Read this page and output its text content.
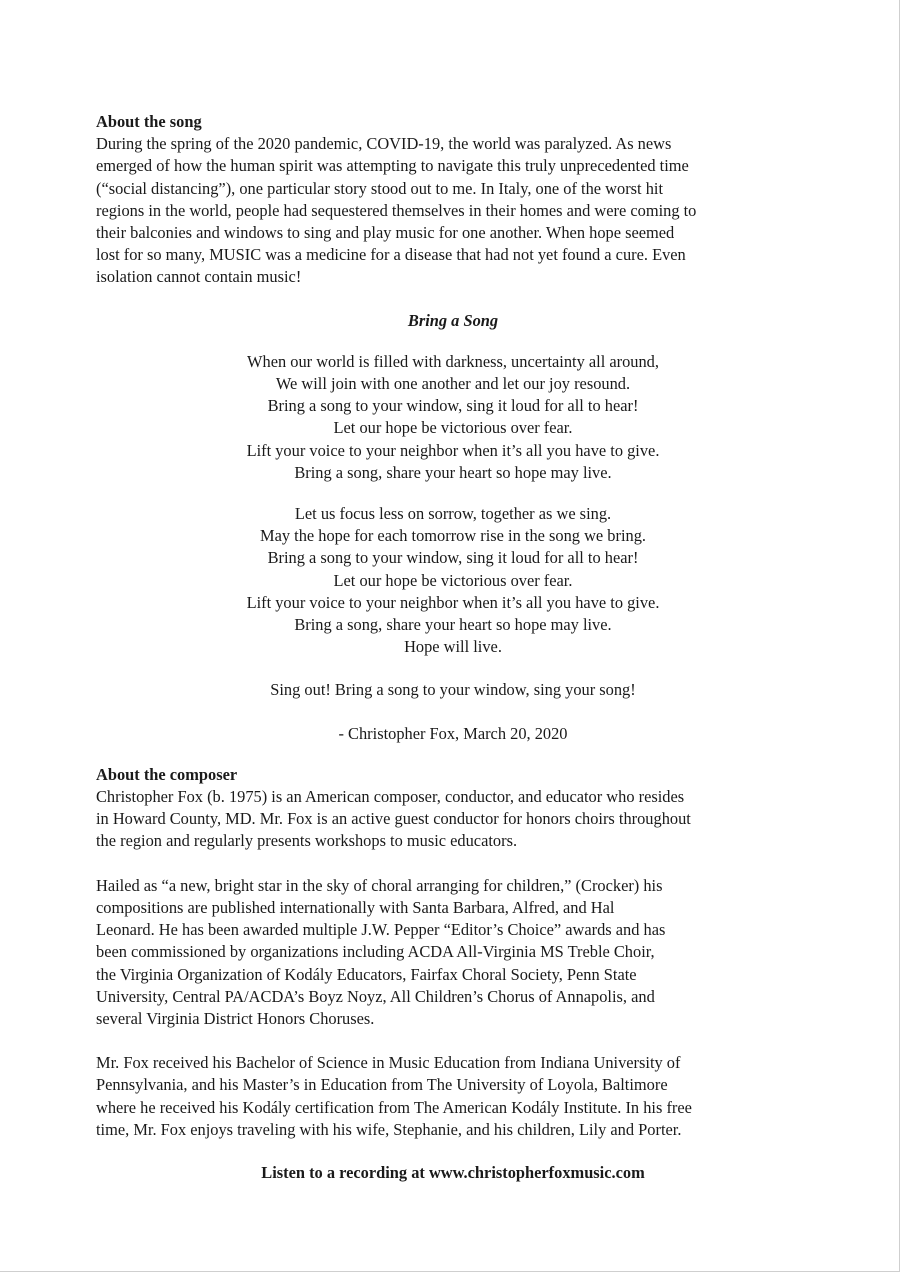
About the song

During the spring of the 2020 pandemic, COVID-19, the world was paralyzed. As news
emerged of how the human spirit was attempting to navigate this truly unprecedented time
(“social distancing”), one particular story stood out to me. In Italy, one of the worst hit
regions in the world, people had sequestered themselves in their homes and were coming to
their balconies and windows to sing and play music for one another. When hope seemed
lost for so many, MUSIC was a medicine for a disease that had not yet found a cure. Even
isolation cannot contain music!

Bring a Song

When our world is filled with darkness, uncertainty all around,
We will join with one another and let our joy resound.
Bring a song to your window, sing it loud for all to hear!
Let our hope be victorious over fear.
Lift your voice to your neighbor when it’s all you have to give.
Bring a song, share your heart so hope may live.
Let us focus less on sorrow, together as we sing.
May the hope for each tomorrow rise in the song we bring.
Bring a song to your window, sing it loud for all to hear!
Let our hope be victorious over fear.
Lift your voice to your neighbor when it’s all you have to give.
Bring a song, share your heart so hope may live.
Hope will live.

Sing out! Bring a song to your window, sing your song!

- Christopher Fox, March 20, 2020

About the composer

Christopher Fox (b. 1975) is an American composer, conductor, and educator who resides
in Howard County, MD. Mr. Fox is an active guest conductor for honors choirs throughout
the region and regularly presents workshops to music educators.
Hailed as “a new, bright star in the sky of choral arranging for children,” (Crocker) his
compositions are published internationally with Santa Barbara, Alfred, and Hal
Leonard. He has been awarded multiple J.W. Pepper “Editor’s Choice” awards and has
been commissioned by organizations including ACDA All-Virginia MS Treble Choir,
the Virginia Organization of Kodály Educators, Fairfax Choral Society, Penn State
University, Central PA/ACDA’s Boyz Noyz, All Children’s Chorus of Annapolis, and
several Virginia District Honors Choruses.
Mr. Fox received his Bachelor of Science in Music Education from Indiana University of
Pennsylvania, and his Master’s in Education from The University of Loyola, Baltimore
where he received his Kodály certification from The American Kodály Institute. In his free
time, Mr. Fox enjoys traveling with his wife, Stephanie, and his children, Lily and Porter.

Listen to a recording at www.christopherfoxmusic.com
